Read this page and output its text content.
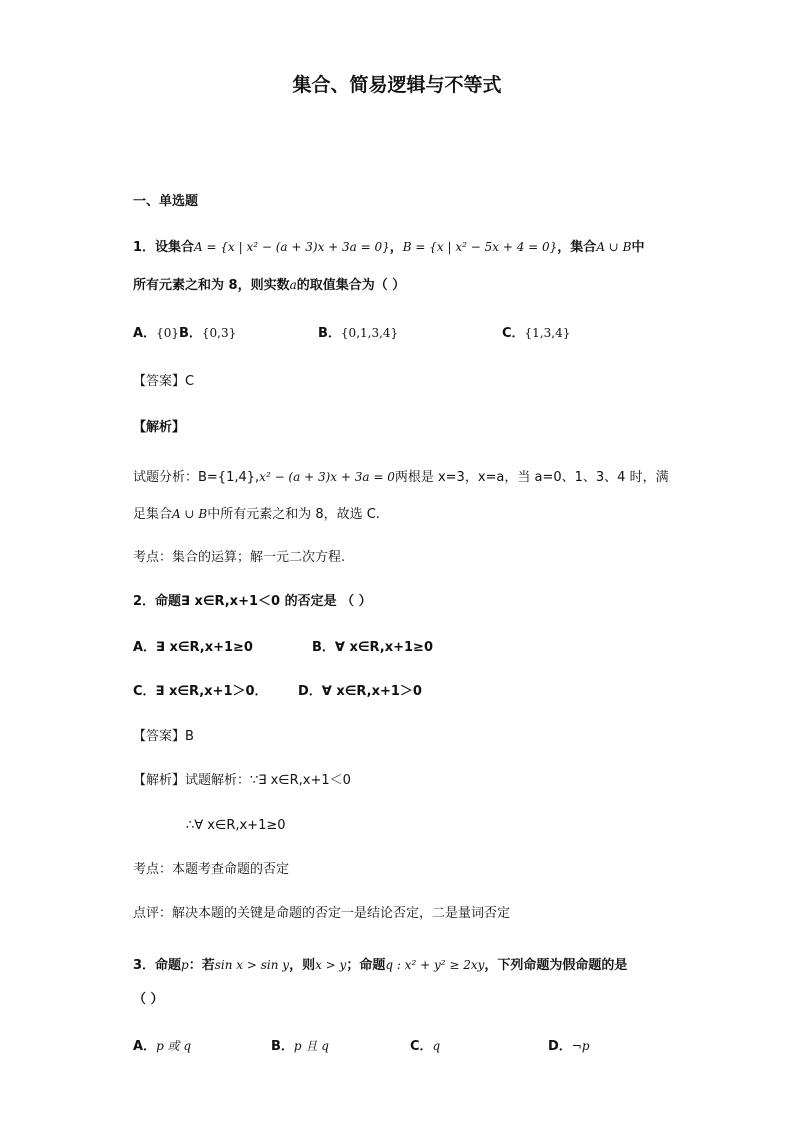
集合、简易逻辑与不等式
一、单选题
1．设集合A = {x | x² − (a + 3)x + 3a = 0}，B = {x | x² − 5x + 4 = 0}，集合A ∪ B中
所有元素之和为 8，则实数a的取值集合为（ ）
A．{0}B．{0,3}	B．{0,1,3,4}	C．{1,3,4}
【答案】C
【解析】
试题分析：B={1,4},x² − (a + 3)x + 3a = 0两根是 x=3，x=a，当 a=0、1、3、4 时，满
足集合A ∪ B中所有元素之和为 8，故选 C.
考点：集合的运算；解一元二次方程.
2．命题∃ x∈R,x+1＜0 的否定是 （ ）
A．∃ x∈R,x+1≥0	B．∀ x∈R,x+1≥0
C．∃ x∈R,x+1＞0． D．∀ x∈R,x+1＞0
【答案】B
【解析】试题解析：∵∃ x∈R,x+1＜0
∴∀ x∈R,x+1≥0
考点：本题考查命题的否定
点评：解决本题的关键是命题的否定一是结论否定，二是量词否定
3．命题p：若sin x > sin y，则x > y；命题q : x² + y² ≥ 2xy，下列命题为假命题的是
（ ）
A．p 或 q	B．p 且 q	C．q	D．¬p
